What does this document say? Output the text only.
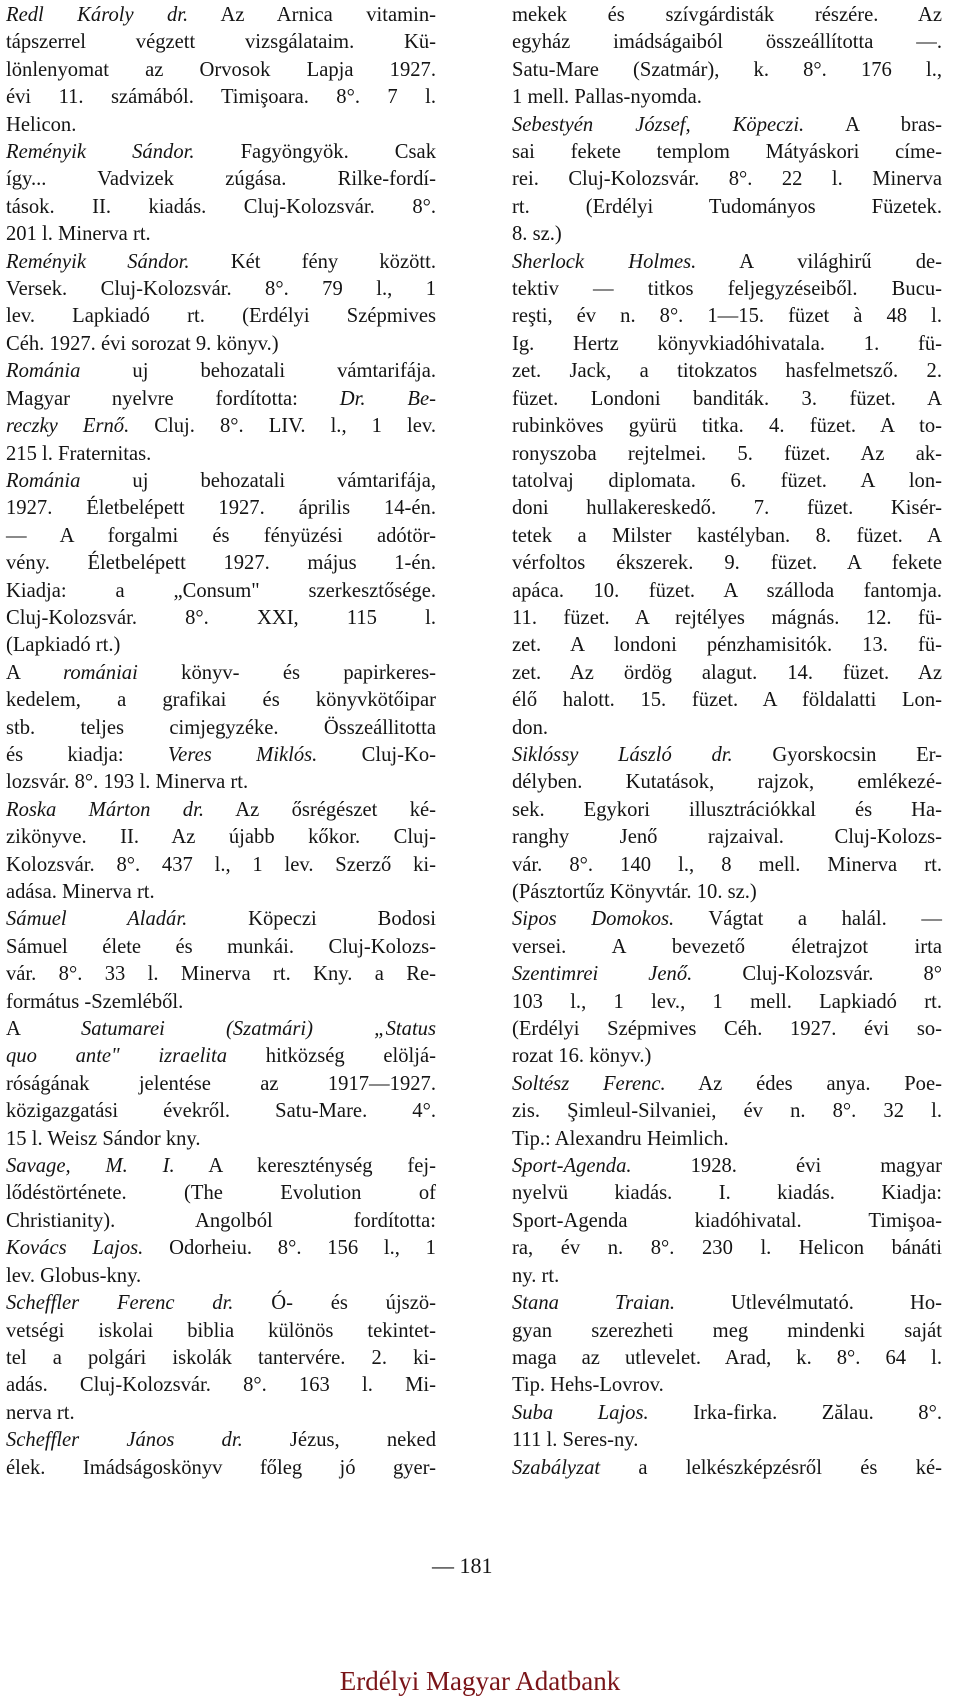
Redl Károly dr. Az Arnica vitamin-
tápszerrel végzett vizsgálataim. Kü-
lönlenyomat az Orvosok Lapja 1927.
évi 11. számából. Timişoara. 8°. 7 l.
Helicon.
Reményik Sándor. Fagyöngyök. Csak
így... Vadvizek zúgása. Rilke-fordí-
tások. II. kiadás. Cluj-Kolozsvár. 8°.
201 l. Minerva rt.
Reményik Sándor. Két fény között.
Versek. Cluj-Kolozsvár. 8°. 79 l., 1
lev. Lapkiadó rt. (Erdélyi Szépmives
Céh. 1927. évi sorozat 9. könyv.)
Románia uj behozatali vámtarifája.
Magyar nyelvre fordította: Dr. Be-
reczky Ernő. Cluj. 8°. LIV. l., 1 lev.
215 l. Fraternitas.
Románia uj behozatali vámtarifája,
1927. Életbelépett 1927. április 14-én.
— A forgalmi és fényüzési adótör-
vény. Életbelépett 1927. május 1-én.
Kiadja: a „Consum" szerkesztősége.
Cluj-Kolozsvár. 8°. XXI, 115 l.
(Lapkiadó rt.)
A romániai könyv- és papirkeres-
kedelem, a grafikai és könyvkötőipar
stb. teljes cimjegyzéke. Összeállitotta
és kiadja: Veres Miklós. Cluj-Ko-
lozsvár. 8°. 193 l. Minerva rt.
Roska Márton dr. Az ősrégészet ké-
zikönyve. II. Az újabb kőkor. Cluj-
Kolozsvár. 8°. 437 l., 1 lev. Szerző ki-
adása. Minerva rt.
Sámuel Aladár. Köpeczi Bodosi
Sámuel élete és munkái. Cluj-Kolozs-
vár. 8°. 33 l. Minerva rt. Kny. a Re-
formátus -Szemléből.
A Satumarei (Szatmári) „Status
quo ante" izraelita hitközség elöljá-
róságának jelentése az 1917—1927.
közigazgatási évekről. Satu-Mare. 4°.
15 l. Weisz Sándor kny.
Savage, M. I. A kereszténység fej-
lődéstörténete. (The Evolution of
Christianity). Angolból fordította:
Kovács Lajos. Odorheiu. 8°. 156 l., 1
lev. Globus-kny.
Scheffler Ferenc dr. Ó- és újszö-
vetségi iskolai biblia különös tekintet-
tel a polgári iskolák tantervére. 2. ki-
adás. Cluj-Kolozsvár. 8°. 163 l. Mi-
nerva rt.
Scheffler János dr. Jézus, neked
élek. Imádságoskönyv főleg jó gyer-
mekek és szívgárdisták részére. Az
egyház imádságaiból összeállította —.
Satu-Mare (Szatmár), k. 8°. 176 l.,
1 mell. Pallas-nyomda.
Sebestyén József, Köpeczi. A bras-
sai fekete templom Mátyáskori címe-
rei. Cluj-Kolozsvár. 8°. 22 l. Minerva
rt. (Erdélyi Tudományos Füzetek.
8. sz.)
Sherlock Holmes. A világhirű de-
tektiv — titkos feljegyzéseiből. Bucu-
reşti, év n. 8°. 1—15. füzet à 48 l.
Ig. Hertz könyvkiadóhivatala. 1. fü-
zet. Jack, a titokzatos hasfelmetsző. 2.
füzet. Londoni banditák. 3. füzet. A
rubinköves gyürü titka. 4. füzet. A to-
ronyszoba rejtelmei. 5. füzet. Az ak-
tatolvaj diplomata. 6. füzet. A lon-
doni hullakereskedő. 7. füzet. Kisér-
tetek a Milster kastélyban. 8. füzet. A
vérfoltos ékszerek. 9. füzet. A fekete
apáca. 10. füzet. A szálloda fantomja.
11. füzet. A rejtélyes mágnás. 12. fü-
zet. A londoni pénzhamisitók. 13. fü-
zet. Az ördög alagut. 14. füzet. Az
élő halott. 15. füzet. A földalatti Lon-
don.
Siklóssy László dr. Gyorskocsin Er-
délyben. Kutatások, rajzok, emlékezé-
sek. Egykori illusztrációkkal és Ha-
ranghy Jenő rajzaival. Cluj-Kolozs-
vár. 8°. 140 l., 8 mell. Minerva rt.
(Pásztortűz Könyvtár. 10. sz.)
Sipos Domokos. Vágtat a halál. —
versei. A bevezető életrajzot irta
Szentimrei Jenő. Cluj-Kolozsvár. 8°
103 l., 1 lev., 1 mell. Lapkiadó rt.
(Erdélyi Szépmives Céh. 1927. évi so-
rozat 16. könyv.)
Soltész Ferenc. Az édes anya. Poe-
zis. Şimleul-Silvaniei, év n. 8°. 32 l.
Tip.: Alexandru Heimlich.
Sport-Agenda. 1928. évi magyar
nyelvü kiadás. I. kiadás. Kiadja:
Sport-Agenda kiadóhivatal. Timişoa-
ra, év n. 8°. 230 l. Helicon bánáti
ny. rt.
Stana Traian. Utlevélmutató. Ho-
gyan szerezheti meg mindenki saját
maga az utlevelet. Arad, k. 8°. 64 l.
Tip. Hehs-Lovrov.
Suba Lajos. Irka-firka. Zălau. 8°.
111 l. Seres-ny.
Szabályzat a lelkészképzésről és ké-
— 181
Erdélyi Magyar Adatbank
